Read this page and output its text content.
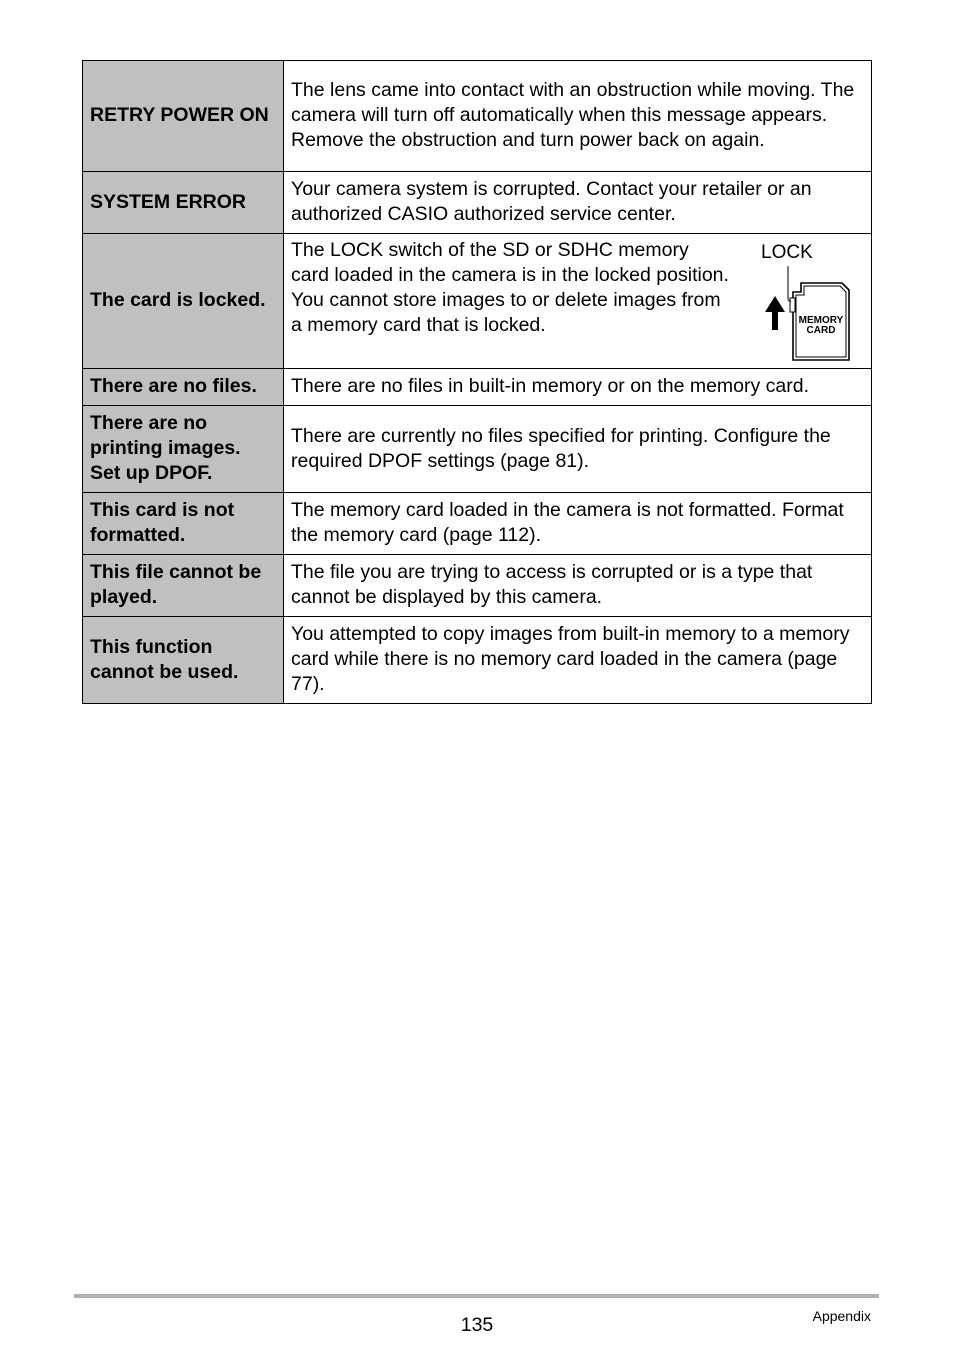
RETRY POWER ON	The lens came into contact with an obstruction while moving. The camera will turn off automatically when this message appears. Remove the obstruction and turn power back on again.
SYSTEM ERROR	Your camera system is corrupted. Contact your retailer or an authorized CASIO authorized service center.
The card is locked.	The LOCK switch of the SD or SDHC memory card loaded in the camera is in the locked position. You cannot store images to or delete images from a memory card that is locked. MEMORY
CARD
LOCK

There are no files.	There are no files in built-in memory or on the memory card.
There are no printing images. Set up DPOF.	There are currently no files specified for printing. Configure the required DPOF settings (page 81).
This card is not formatted.	The memory card loaded in the camera is not formatted. Format the memory card (page 112).
This file cannot be played.	The file you are trying to access is corrupted or is a type that cannot be displayed by this camera.
This function cannot be used.	You attempted to copy images from built-in memory to a memory card while there is no memory card loaded in the camera (page 77).
135	Appendix
